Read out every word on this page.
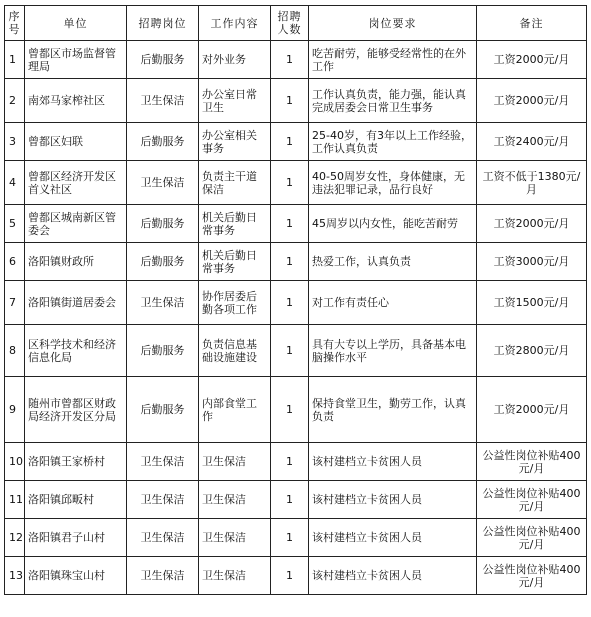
序号	单位	招聘岗位	工作内容	招聘人数	岗位要求	备注
1	曾都区市场监督管理局	后勤服务	对外业务	1	吃苦耐劳，能够受经常性的在外工作	工资2000元/月
2	南郊马家榨社区	卫生保洁	办公室日常卫生	1	工作认真负责，能力强，能认真完成居委会日常卫生事务	工资2000元/月
3	曾都区妇联	后勤服务	办公室相关事务	1	25-40岁，有3年以上工作经验，工作认真负责	工资2400元/月
4	曾都区经济开发区首义社区	卫生保洁	负责主干道保洁	1	40-50周岁女性，身体健康，无违法犯罪记录，品行良好	工资不低于1380元/月
5	曾都区城南新区管委会	后勤服务	机关后勤日常事务	1	45周岁以内女性，能吃苦耐劳	工资2000元/月
6	洛阳镇财政所	后勤服务	机关后勤日常事务	1	热爱工作，认真负责	工资3000元/月
7	洛阳镇街道居委会	卫生保洁	协作居委后勤各项工作	1	对工作有责任心	工资1500元/月
8	区科学技术和经济信息化局	后勤服务	负责信息基础设施建设	1	具有大专以上学历，具备基本电脑操作水平	工资2800元/月
9	随州市曾都区财政局经济开发区分局	后勤服务	内部食堂工作	1	保持食堂卫生，勤劳工作，认真负责	工资2000元/月
10	洛阳镇王家桥村	卫生保洁	卫生保洁	1	该村建档立卡贫困人员	公益性岗位补贴400元/月
11	洛阳镇邱畈村	卫生保洁	卫生保洁	1	该村建档立卡贫困人员	公益性岗位补贴400元/月
12	洛阳镇君子山村	卫生保洁	卫生保洁	1	该村建档立卡贫困人员	公益性岗位补贴400元/月
13	洛阳镇珠宝山村	卫生保洁	卫生保洁	1	该村建档立卡贫困人员	公益性岗位补贴400元/月
